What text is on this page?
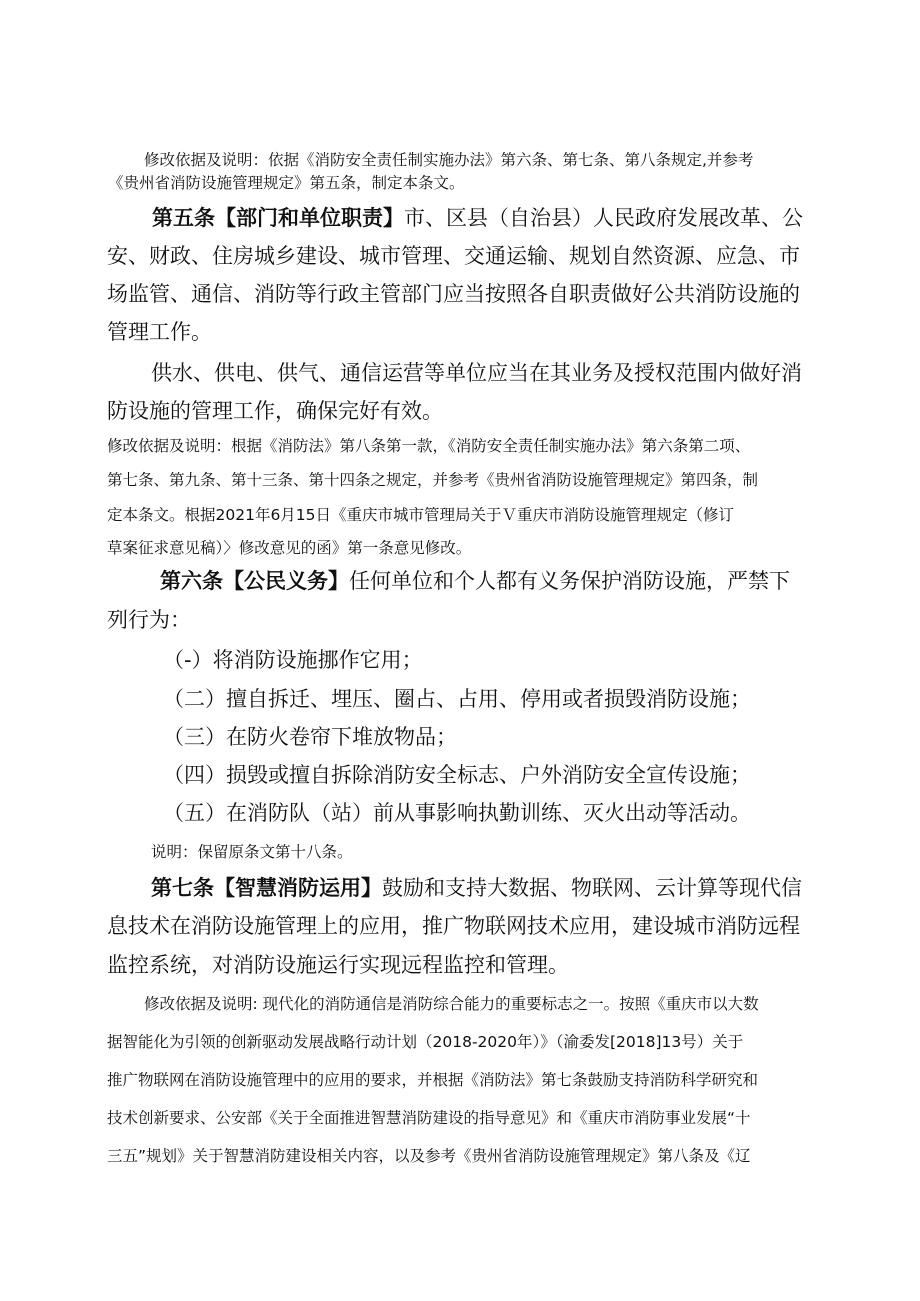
修改依据及说明：依据《消防安全责任制实施办法》第六条、第七条、第八条规定,并参考

《贵州省消防设施管理规定》第五条，制定本条文。

第五条【部门和单位职责】市、区县（自治县）人民政府发展改革、公

安、财政、住房城乡建设、城市管理、交通运输、规划自然资源、应急、市

场监管、通信、消防等行政主管部门应当按照各自职责做好公共消防设施的

管理工作。

供水、供电、供气、通信运营等单位应当在其业务及授权范围内做好消

防设施的管理工作，确保完好有效。

修改依据及说明：根据《消防法》第八条第一款，《消防安全责任制实施办法》第六条第二项、

第七条、第九条、第十三条、第十四条之规定，并参考《贵州省消防设施管理规定》第四条，制

定本条文。根据2021年6月15日《重庆市城市管理局关于Ｖ重庆市消防设施管理规定（修订

草案征求意见稿）〉修改意见的函》第一条意见修改。

第六条【公民义务】任何单位和个人都有义务保护消防设施，严禁下

列行为：

（-）将消防设施挪作它用；

（二）擅自拆迁、埋压、圈占、占用、停用或者损毁消防设施；

（三）在防火卷帘下堆放物品；

（四）损毁或擅自拆除消防安全标志、户外消防安全宣传设施；

（五）在消防队（站）前从事影响执勤训练、灭火出动等活动。

说明：保留原条文第十八条。

第七条【智慧消防运用】鼓励和支持大数据、物联网、云计算等现代信

息技术在消防设施管理上的应用，推广物联网技术应用，建设城市消防远程

监控系统，对消防设施运行实现远程监控和管理。

修改依据及说明: 现代化的消防通信是消防综合能力的重要标志之一。按照《重庆市以大数

据智能化为引领的创新驱动发展战略行动计划（2018-2020年）》（渝委发[2018]13号）关于

推广物联网在消防设施管理中的应用的要求，并根据《消防法》第七条鼓励支持消防科学研究和

技术创新要求、公安部《关于全面推进智慧消防建设的指导意见》和《重庆市消防事业发展“十

三五”规划》关于智慧消防建设相关内容，以及参考《贵州省消防设施管理规定》第八条及《辽
